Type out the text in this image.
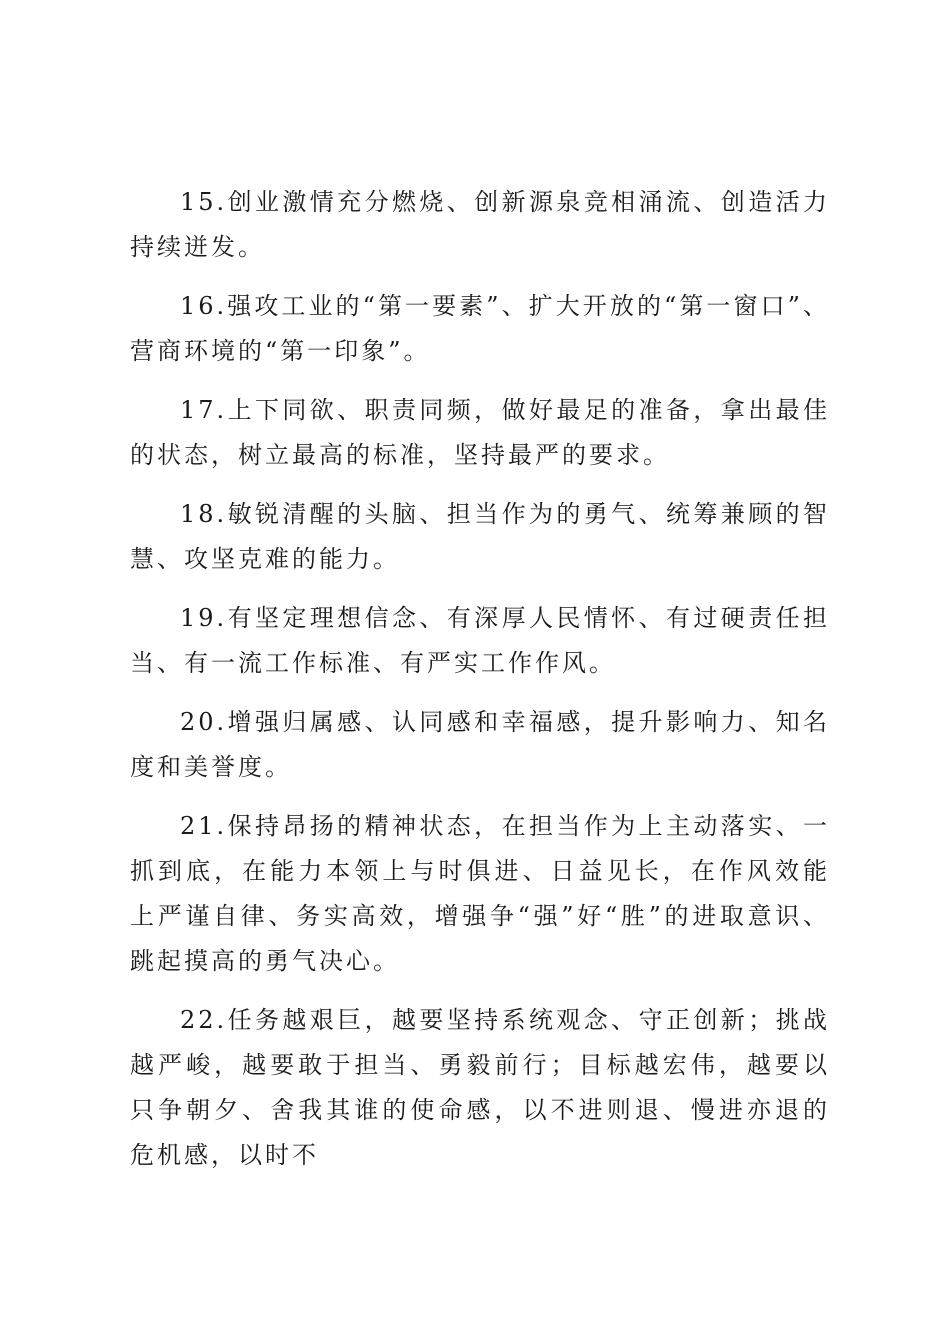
15.创业激情充分燃烧、创新源泉竞相涌流、创造活力持续迸发。

16.强攻工业的“第一要素”、扩大开放的“第一窗口”、营商环境的“第一印象”。

17.上下同欲、职责同频，做好最足的准备，拿出最佳的状态，树立最高的标准，坚持最严的要求。

18.敏锐清醒的头脑、担当作为的勇气、统筹兼顾的智慧、攻坚克难的能力。

19.有坚定理想信念、有深厚人民情怀、有过硬责任担当、有一流工作标准、有严实工作作风。

20.增强归属感、认同感和幸福感，提升影响力、知名度和美誉度。

21.保持昂扬的精神状态，在担当作为上主动落实、一抓到底，在能力本领上与时俱进、日益见长，在作风效能上严谨自律、务实高效，增强争“强”好“胜”的进取意识、跳起摸高的勇气决心。

22.任务越艰巨，越要坚持系统观念、守正创新；挑战越严峻，越要敢于担当、勇毅前行；目标越宏伟，越要以只争朝夕、舍我其谁的使命感，以不进则退、慢进亦退的危机感，以时不
